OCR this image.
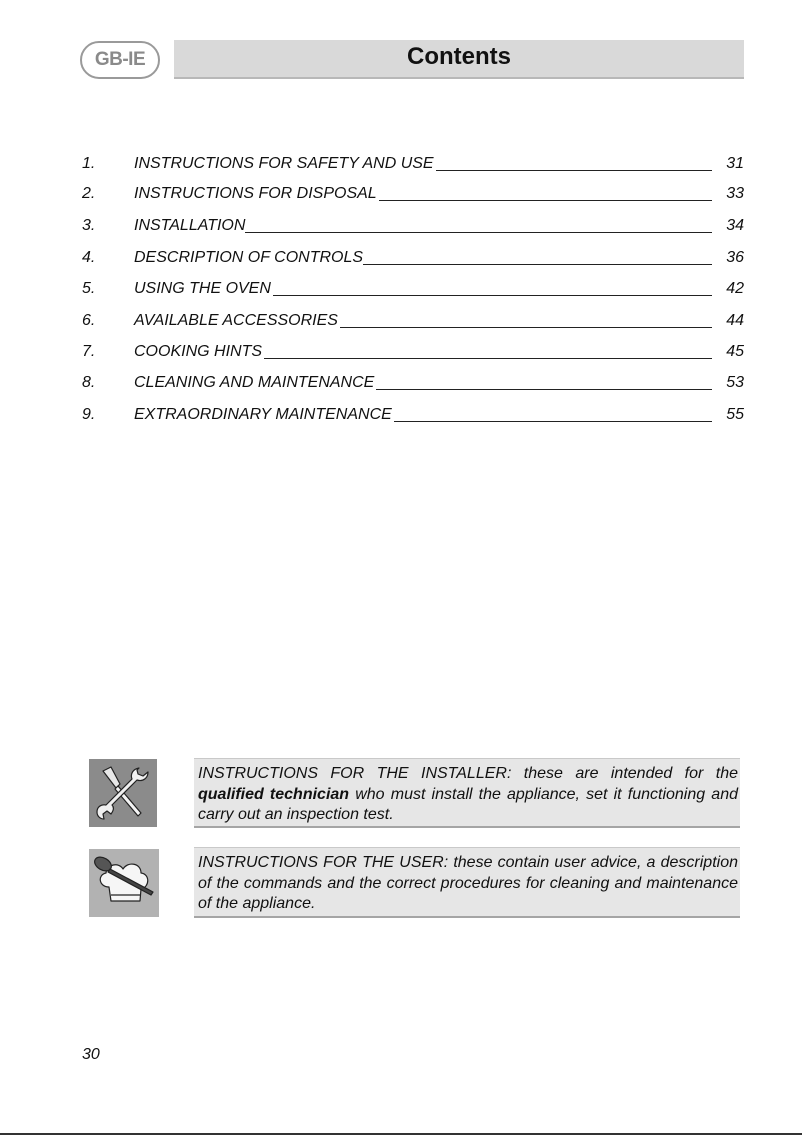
GB-IE	Contents
1.	INSTRUCTIONS FOR SAFETY AND USE	31
2.	INSTRUCTIONS FOR DISPOSAL	33
3.	INSTALLATION	34
4.	DESCRIPTION OF CONTROLS	36
5.	USING THE OVEN	42
6.	AVAILABLE ACCESSORIES	44
7.	COOKING HINTS	45
8.	CLEANING AND MAINTENANCE	53
9.	EXTRAORDINARY MAINTENANCE	55

INSTRUCTIONS FOR THE INSTALLER: these are intended for the qualified technician who must install the appliance, set it functioning and carry out an inspection test.

INSTRUCTIONS FOR THE USER: these contain user advice, a description of the commands and the correct procedures for cleaning and maintenance of the appliance.

30
